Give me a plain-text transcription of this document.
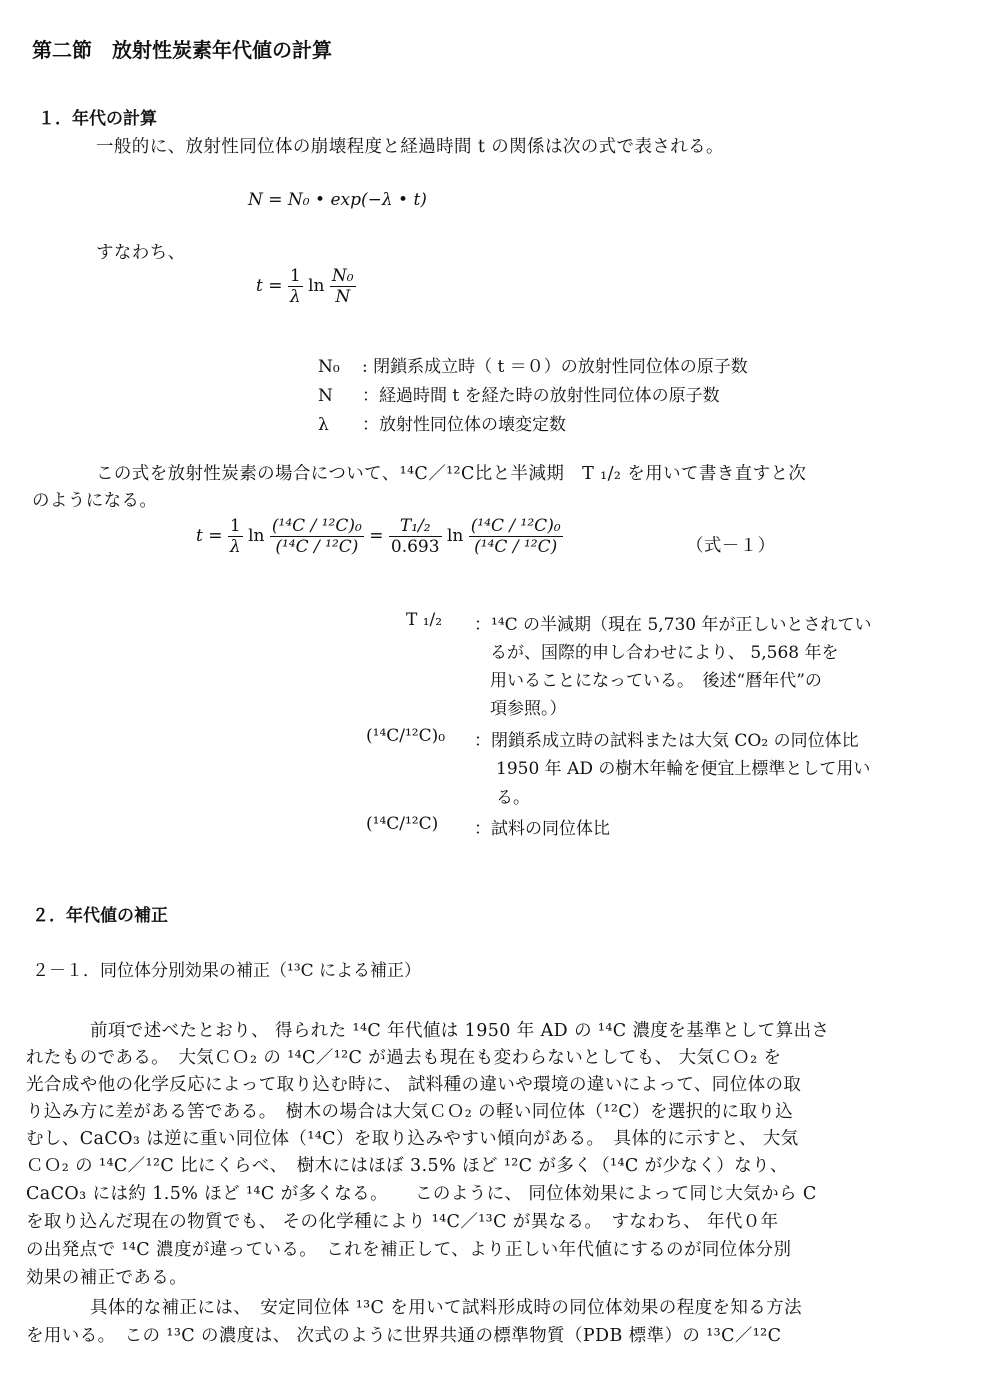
第二節　放射性炭素年代値の計算
１．年代の計算
一般的に、放射性同位体の崩壊程度と経過時間 t の関係は次の式で表される。
N = N₀ • exp(−λ • t)
すなわち、
$t = \frac{1}{\lambda}$ $\ln \frac{\text{N₀}}{N}$
N₀ : 閉鎖系成立時（ t ＝０）の放射性同位体の原子数
N ：経過時間 t を経た時の放射性同位体の原子数
λ ：放射性同位体の壊変定数
この式を放射性炭素の場合について、¹⁴C／¹²C比と半減期　T ₁/₂ を用いて書き直すと次
のようになる。
$t = \frac{1}{\lambda}$ $\ln \frac{\text{(¹⁴C / ¹²C)₀}}{\text{(¹⁴C / ¹²C)}} = \frac{\text{T₁/₂}}{0.693}$ $\ln \frac{\text{(¹⁴C / ¹²C)₀}}{\text{(¹⁴C / ¹²C)}}$	（式－１）
T ₁/₂ ：¹⁴C の半減期（現在 5,730 年が正しいとされてい
るが、国際的申し合わせにより、 5,568 年を
用いることになっている。　後述“暦年代”の
項参照。）
(¹⁴C/¹²C)₀ ：閉鎖系成立時の試料または大気 CO₂ の同位体比
1950 年 AD の樹木年輪を便宜上標準として用い
る。
(¹⁴C/¹²C) ：試料の同位体比
２．年代値の補正
２－１．同位体分別効果の補正（¹³C による補正）
前項で述べたとおり、 得られた ¹⁴C 年代値は 1950 年 AD の ¹⁴C 濃度を基準として算出さ
れたものである。　大気ＣＯ₂ の ¹⁴C／¹²C が過去も現在も変わらないとしても、 大気ＣＯ₂ を
光合成や他の化学反応によって取り込む時に、 試料種の違いや環境の違いによって、同位体の取
り込み方に差がある筈である。　樹木の場合は大気ＣＯ₂ の軽い同位体（¹²C）を選択的に取り込
むし、CaCO₃ は逆に重い同位体（¹⁴C）を取り込みやすい傾向がある。　具体的に示すと、 大気
ＣＯ₂ の ¹⁴C／¹²C 比にくらべ、　樹木にはほぼ 3.5% ほど ¹²C が多く（¹⁴C が少なく）なり、
CaCO₃ には約 1.5% ほど ¹⁴C が多くなる。　　このように、 同位体効果によって同じ大気から C
を取り込んだ現在の物質でも、 その化学種により ¹⁴C／¹³C が異なる。　すなわち、 年代０年
の出発点で ¹⁴C 濃度が違っている。　これを補正して、より正しい年代値にするのが同位体分別
効果の補正である。
具体的な補正には、　安定同位体 ¹³C を用いて試料形成時の同位体効果の程度を知る方法
を用いる。　この ¹³C の濃度は、 次式のように世界共通の標準物質（PDB 標準）の ¹³C／¹²C
